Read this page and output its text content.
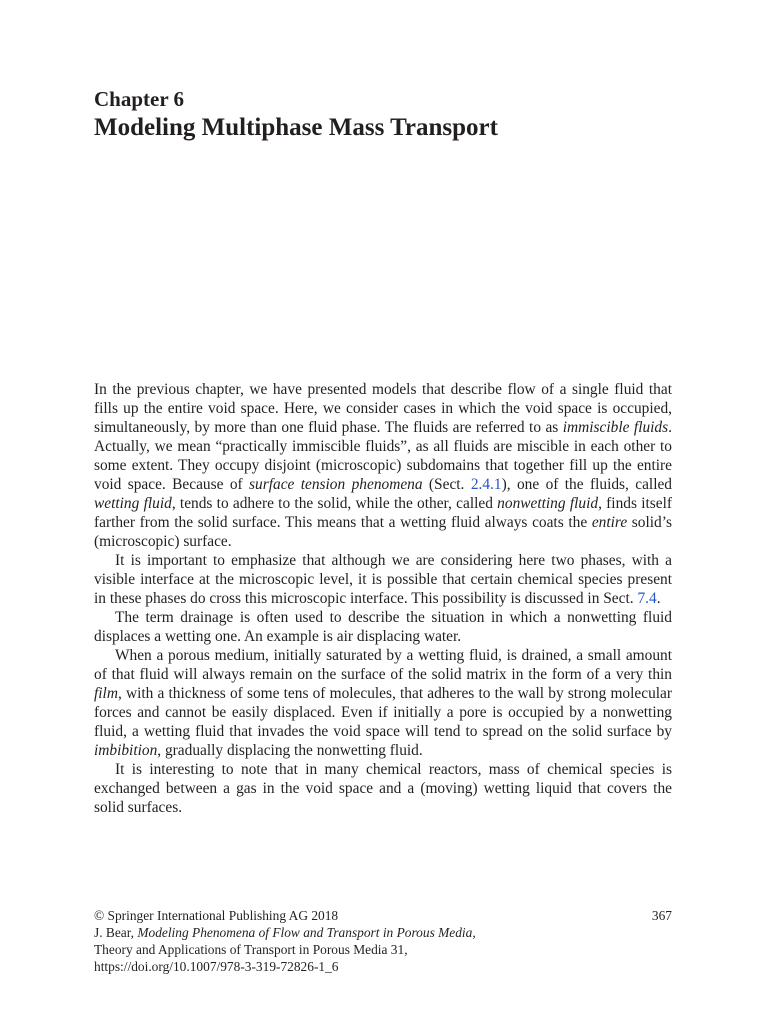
Chapter 6
Modeling Multiphase Mass Transport

In the previous chapter, we have presented models that describe flow of a single fluid that fills up the entire void space. Here, we consider cases in which the void space is occupied, simultaneously, by more than one fluid phase. The fluids are referred to as immiscible fluids. Actually, we mean “practically immiscible fluids”, as all fluids are miscible in each other to some extent. They occupy disjoint (microscopic) subdomains that together fill up the entire void space. Because of surface tension phenomena (Sect. 2.4.1), one of the fluids, called wetting fluid, tends to adhere to the solid, while the other, called nonwetting fluid, finds itself farther from the solid surface. This means that a wetting fluid always coats the entire solid’s (microscopic) surface.

It is important to emphasize that although we are considering here two phases, with a visible interface at the microscopic level, it is possible that certain chemical species present in these phases do cross this microscopic interface. This possibility is discussed in Sect. 7.4.

The term drainage is often used to describe the situation in which a nonwetting fluid displaces a wetting one. An example is air displacing water.

When a porous medium, initially saturated by a wetting fluid, is drained, a small amount of that fluid will always remain on the surface of the solid matrix in the form of a very thin film, with a thickness of some tens of molecules, that adheres to the wall by strong molecular forces and cannot be easily displaced. Even if initially a pore is occupied by a nonwetting fluid, a wetting fluid that invades the void space will tend to spread on the solid surface by imbibition, gradually displacing the nonwetting fluid.

It is interesting to note that in many chemical reactors, mass of chemical species is exchanged between a gas in the void space and a (moving) wetting liquid that covers the solid surfaces.

© Springer International Publishing AG 2018	367
J. Bear, Modeling Phenomena of Flow and Transport in Porous Media,
Theory and Applications of Transport in Porous Media 31,
https://doi.org/10.1007/978-3-319-72826-1_6
